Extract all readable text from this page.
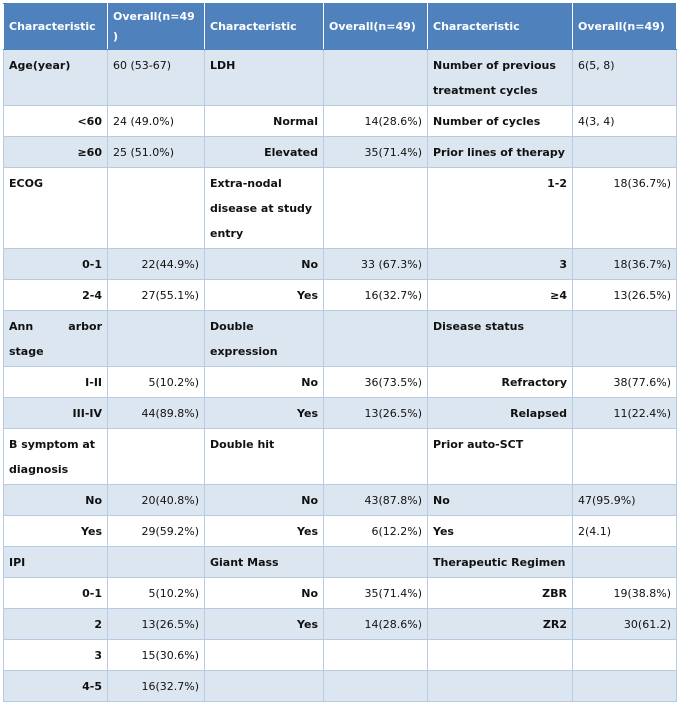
Characteristic	Overall(n=49)	Characteristic	Overall(n=49)	Characteristic	Overall(n=49)
Age(year)	60 (53-67)	LDH		Number of previous treatment cycles	6(5, 8)
<60	24 (49.0%)	Normal	14(28.6%)	Number of cycles	4(3, 4)
≥60	25 (51.0%)	Elevated	35(71.4%)	Prior lines of therapy	
ECOG		Extra-nodal disease at study entry		1-2	18(36.7%)
0-1	22(44.9%)	No	33 (67.3%)	3	18(36.7%)
2-4	27(55.1%)	Yes	16(32.7%)	≥4	13(26.5%)
Ann arbor stage		Double expression		Disease status	
I-II	5(10.2%)	No	36(73.5%)	Refractory	38(77.6%)
III-IV	44(89.8%)	Yes	13(26.5%)	Relapsed	11(22.4%)
B symptom at diagnosis		Double hit		Prior auto-SCT	
No	20(40.8%)	No	43(87.8%)	No	47(95.9%)
Yes	29(59.2%)	Yes	6(12.2%)	Yes	2(4.1)
IPI		Giant Mass		Therapeutic Regimen	
0-1	5(10.2%)	No	35(71.4%)	ZBR	19(38.8%)
2	13(26.5%)	Yes	14(28.6%)	ZR2	30(61.2)
3	15(30.6%)				
4-5	16(32.7%)				
